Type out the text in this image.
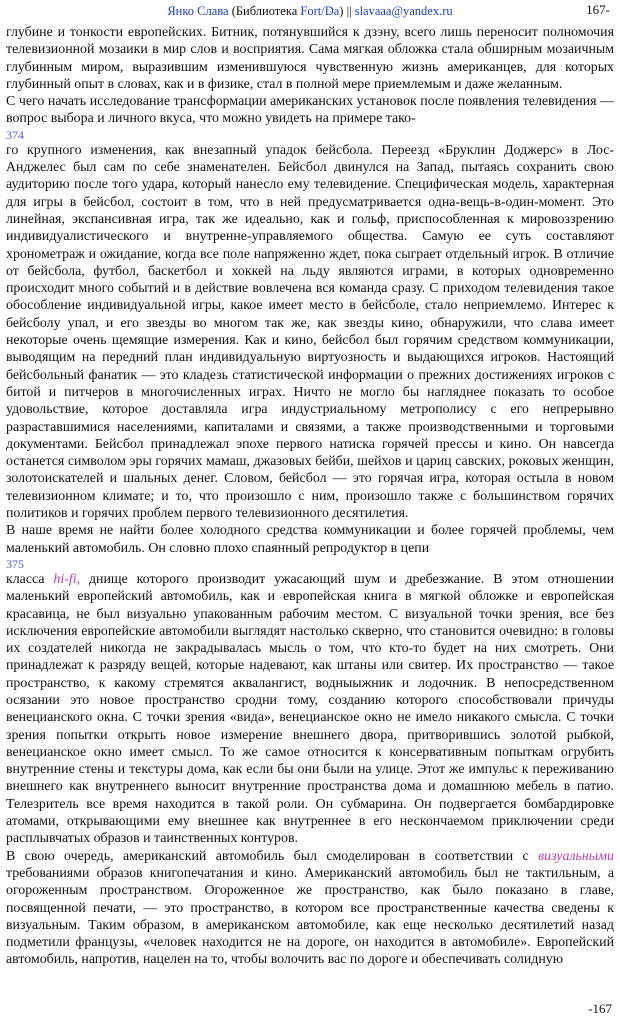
Янко Слава (Библиотека Fort/Da) || slavaaa@yandex.ru	167-

глубине и тонкости европейских. Битник, потянувшийся к дзэну, всего лишь переносит полномочия телевизионной мозаики в мир слов и восприятия. Сама мягкая обложка стала обширным мозаичным глубинным миром, выразившим изменившуюся чувственную жизнь американцев, для которых глубинный опыт в словах, как и в физике, стал в полной мере приемлемым и даже желанным.

С чего начать исследование трансформации американских установок после появления телевидения — вопрос выбора и личного вкуса, что можно увидеть на примере тако-

374

го крупного изменения, как внезапный упадок бейсбола. Переезд «Бруклин Доджерс» в Лос-Анджелес был сам по себе знаменателен. Бейсбол двинулся на Запад, пытаясь сохранить свою аудиторию после того удара, который нанесло ему телевидение. Специфическая модель, характерная для игры в бейсбол, состоит в том, что в ней предусматривается одна-вещь-в-один-момент. Это линейная, экспансивная игра, так же идеально, как и гольф, приспособленная к мировоззрению индивидуалистического и внутренне-управляемого общества. Самую ее суть составляют хронометраж и ожидание, когда все поле напряженно ждет, пока сыграет отдельный игрок. В отличие от бейсбола, футбол, баскетбол и хоккей на льду являются играми, в которых одновременно происходит много событий и в действие вовлечена вся команда сразу. С приходом телевидения такое обособление индивидуальной игры, какое имеет место в бейсболе, стало неприемлемо. Интерес к бейсболу упал, и его звезды во многом так же, как звезды кино, обнаружили, что слава имеет некоторые очень щемящие измерения. Как и кино, бейсбол был горячим средством коммуникации, выводящим на передний план индивидуальную виртуозность и выдающихся игроков. Настоящий бейсбольный фанатик — это кладезь статистической информации о прежних достижениях игроков с битой и питчеров в многочисленных играх. Ничто не могло бы нагляднее показать то особое удовольствие, которое доставляла игра индустриальному метрополису с его непрерывно разраставшимися населениями, капиталами и связями, а также производственными и торговыми документами. Бейсбол принадлежал эпохе первого натиска горячей прессы и кино. Он навсегда останется символом эры горячих мамаш, джазовых бейби, шейхов и цариц савских, роковых женщин, золотоискателей и шальных денег. Словом, бейсбол — это горячая игра, которая остыла в новом телевизионном климате; и то, что произошло с ним, произошло также с большинством горячих политиков и горячих проблем первого телевизионного десятилетия.

В наше время не найти более холодного средства коммуникации и более горячей проблемы, чем маленький автомобиль. Он словно плохо спаянный репродуктор в цепи

375

класса hi-fi, днище которого производит ужасающий шум и дребезжание. В этом отношении маленький европейский автомобиль, как и европейская книга в мягкой обложке и европейская красавица, не был визуально упакованным рабочим местом. С визуальной точки зрения, все без исключения европейские автомобили выглядят настолько скверно, что становится очевидно: в головы их создателей никогда не закрадывалась мысль о том, что кто-то будет на них смотреть. Они принадлежат к разряду вещей, которые надевают, как штаны или свитер. Их пространство — такое пространство, к какому стремятся аквалангист, водныыжник и лодочник. В непосредственном осязании это новое пространство сродни тому, созданию которого способствовали причуды венецианского окна. С точки зрения «вида», венецианское окно не имело никакого смысла. С точки зрения попытки открыть новое измерение внешнего двора, притворившись золотой рыбкой, венецианское окно имеет смысл. То же самое относится к консервативным попыткам огрубить внутренние стены и текстуры дома, как если бы они были на улице. Этот же импульс к переживанию внешнего как внутреннего выносит внутренние пространства дома и домашнюю мебель в патио. Телезритель все время находится в такой роли. Он субмарина. Он подвергается бомбардировке атомами, открывающими ему внешнее как внутреннее в его нескончаемом приключении среди расплывчатых образов и таинственных контуров.

В свою очередь, американский автомобиль был смоделирован в соответствии с визуальными требованиями образов книгопечатания и кино. Американский автомобиль был не тактильным, а огороженным пространством. Огороженное же пространство, как было показано в главе, посвященной печати, — это пространство, в котором все пространственные качества сведены к визуальным. Таким образом, в американском автомобиле, как еще несколько десятилетий назад подметили французы, «человек находится не на дороге, он находится в автомобиле». Европейский автомобиль, напротив, нацелен на то, чтобы волочить вас по дороге и обеспечивать солидную

-167
